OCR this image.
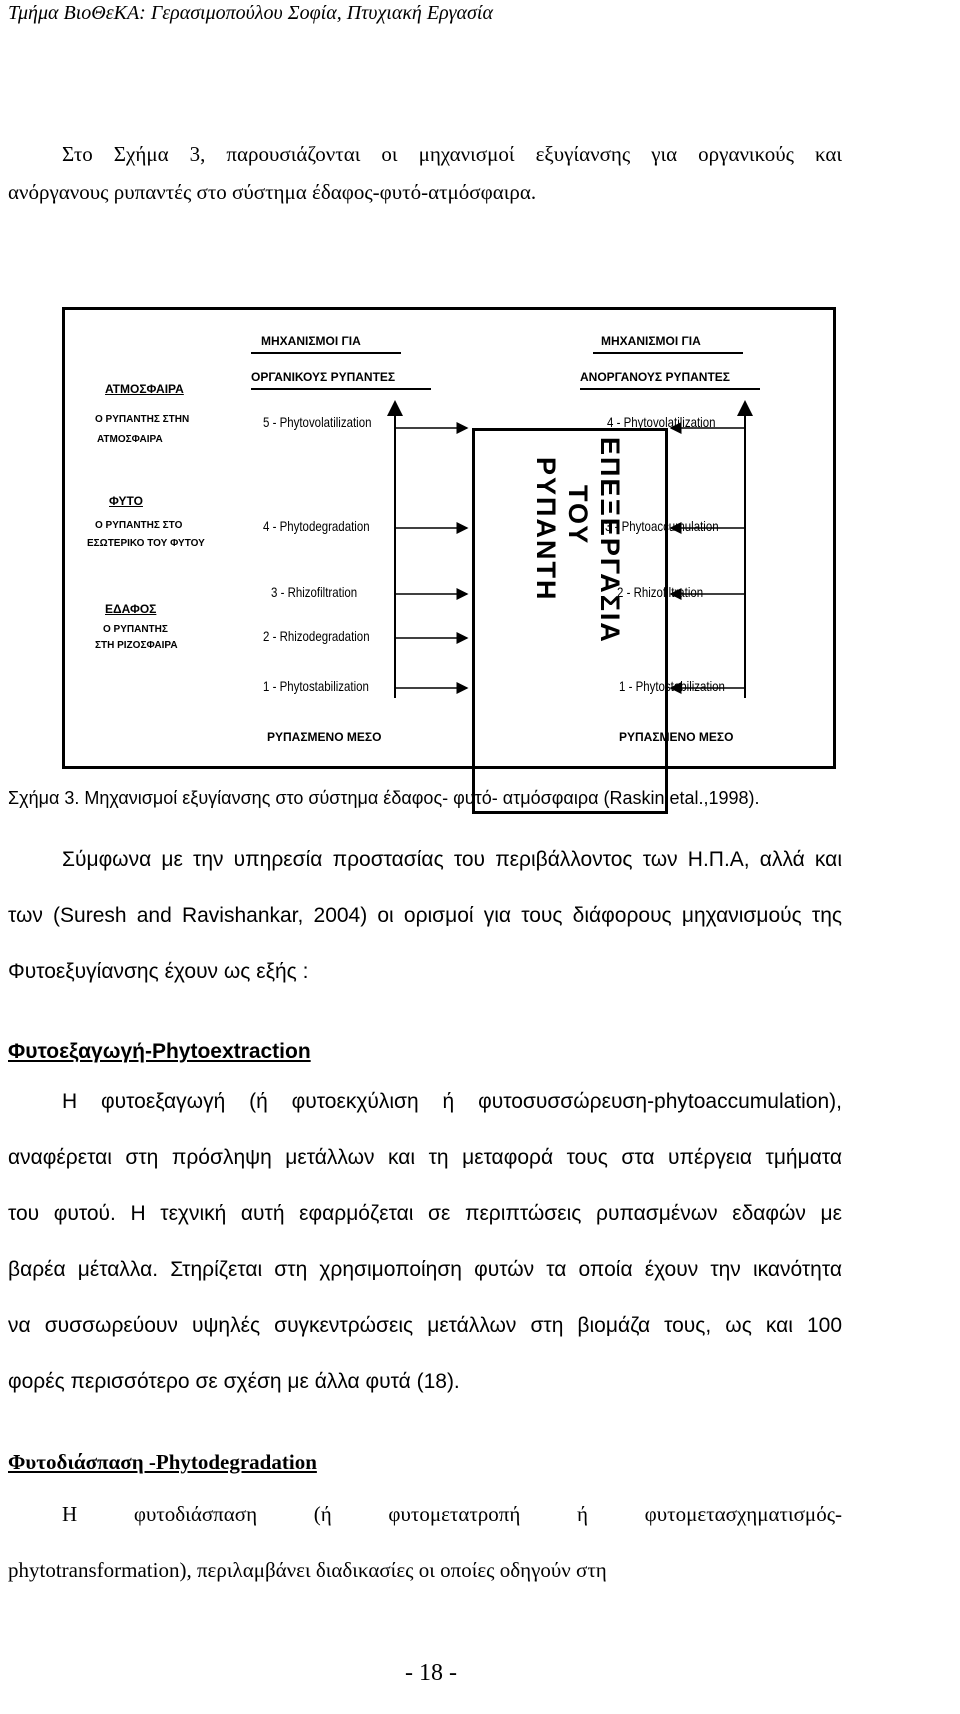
Τμήμα ΒιοΘεΚΑ: Γερασιμοπούλου Σοφία, Πτυχιακή Εργασία
Στο Σχήμα 3, παρουσιάζονται οι μηχανισμοί εξυγίανσης για οργανικούς και
ανόργανους ρυπαντές στο σύστημα έδαφος-φυτό-ατμόσφαιρα.
ΜΗΧΑΝΙΣΜΟΙ ΓΙΑ
ΟΡΓΑΝΙΚΟΥΣ ΡΥΠΑΝΤΕΣ
ΜΗΧΑΝΙΣΜΟΙ ΓΙΑ
ΑΝΟΡΓΑΝΟΥΣ ΡΥΠΑΝΤΕΣ
ΑΤΜΟΣΦΑΙΡΑ
Ο ΡΥΠΑΝΤΗΣ ΣΤΗΝ
ΑΤΜΟΣΦΑΙΡΑ
ΦΥΤΟ
Ο ΡΥΠΑΝΤΗΣ ΣΤΟ
ΕΣΩΤΕΡΙΚΟ ΤΟΥ ΦΥΤΟΥ
ΕΔΑΦΟΣ
Ο ΡΥΠΑΝΤΗΣ
ΣΤΗ ΡΙΖΟΣΦΑΙΡΑ
5 - Phytovolatilization
4 - Phytodegradation
3 - Rhizofiltration
2 - Rhizodegradation
1 - Phytostabilization
4 - Phytovolatilization
3 - Phytoaccumulation
2 - Rhizofiltration
1 - Phytostabilization
ΕΠΕΞΕΡΓΑΣΙΑ
ΤΟΥ
ΡΥΠΑΝΤΗ
ΡΥΠΑΣΜΕΝΟ ΜΕΣΟ	ΡΥΠΑΣΜΕΝΟ ΜΕΣΟ
Σχήμα 3. Μηχανισμοί εξυγίανσης στο σύστημα έδαφος- φυτό- ατμόσφαιρα (Raskin etal.,1998).
Σύμφωνα με την υπηρεσία προστασίας του περιβάλλοντος των Η.Π.Α, αλλά και
των (Suresh and Ravishankar, 2004) οι ορισμοί για τους διάφορους μηχανισμούς της
Φυτοεξυγίανσης έχουν ως εξής :
Φυτοεξαγωγή-Phytoextraction
Η φυτοεξαγωγή (ή φυτοεκχύλιση ή φυτοσυσσώρευση-phytoaccumulation),
αναφέρεται στη πρόσληψη μετάλλων και τη μεταφορά τους στα υπέργεια τμήματα
του φυτού. Η τεχνική αυτή εφαρμόζεται σε περιπτώσεις ρυπασμένων εδαφών με
βαρέα μέταλλα. Στηρίζεται στη χρησιμοποίηση φυτών τα οποία έχουν την ικανότητα
να συσσωρεύουν υψηλές συγκεντρώσεις μετάλλων στη βιομάζα τους, ως και 100
φορές περισσότερο σε σχέση με άλλα φυτά (18).
Φυτοδιάσπαση -Phytodegradation
Η φυτοδιάσπαση (ή φυτομετατροπή ή φυτομετασχηματισμός-
phytotransformation), περιλαμβάνει διαδικασίες οι οποίες οδηγούν στη
- 18 -
